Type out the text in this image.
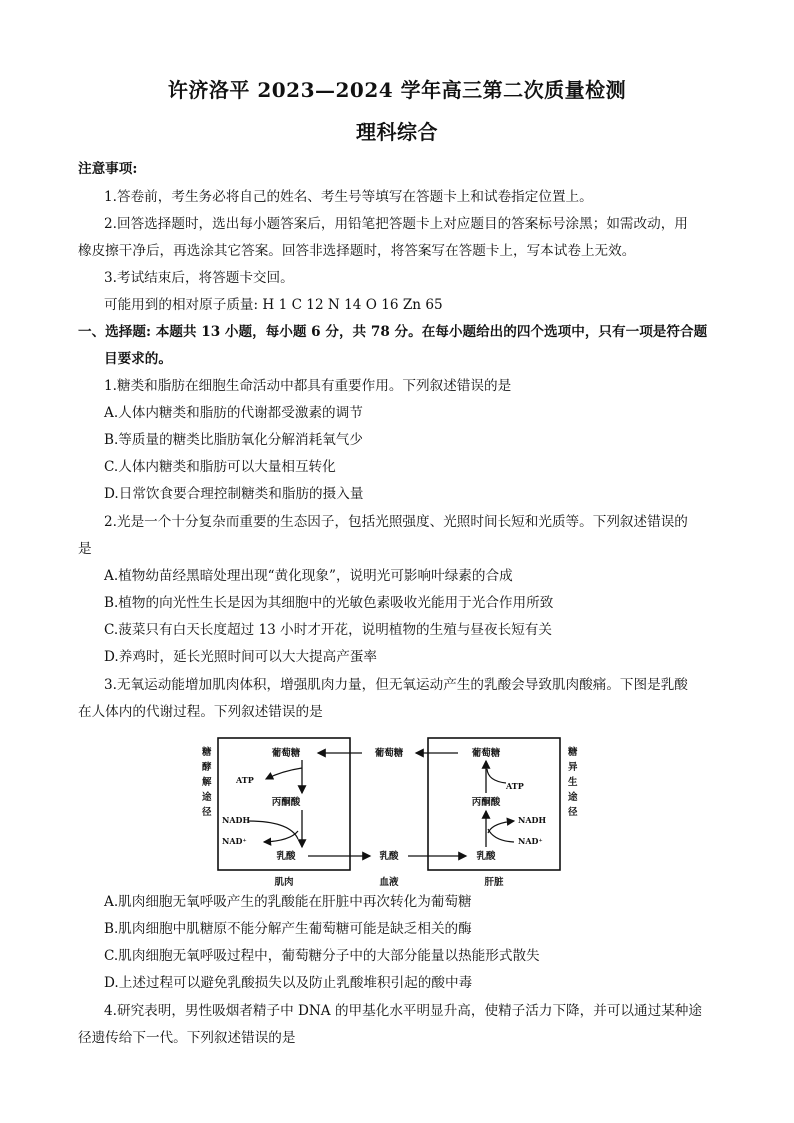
许济洛平 2023—2024 学年高三第二次质量检测
理科综合
注意事项:
1.答卷前，考生务必将自己的姓名、考生号等填写在答题卡上和试卷指定位置上。
2.回答选择题时，选出每小题答案后，用铅笔把答题卡上对应题目的答案标号涂黑；如需改动，用
橡皮擦干净后，再选涂其它答案。回答非选择题时，将答案写在答题卡上，写本试卷上无效。
3.考试结束后，将答题卡交回。
可能用到的相对原子质量: H 1 C 12 N 14 O 16 Zn 65
一、选择题: 本题共 13 小题，每小题 6 分，共 78 分。在每小题给出的四个选项中，只有一项是符合题
目要求的。
1.糖类和脂肪在细胞生命活动中都具有重要作用。下列叙述错误的是
A.人体内糖类和脂肪的代谢都受激素的调节
B.等质量的糖类比脂肪氧化分解消耗氧气少
C.人体内糖类和脂肪可以大量相互转化
D.日常饮食要合理控制糖类和脂肪的摄入量
2.光是一个十分复杂而重要的生态因子，包括光照强度、光照时间长短和光质等。下列叙述错误的
是
A.植物幼苗经黑暗处理出现“黄化现象”，说明光可影响叶绿素的合成
B.植物的向光性生长是因为其细胞中的光敏色素吸收光能用于光合作用所致
C.菠菜只有白天长度超过 13 小时才开花，说明植物的生殖与昼夜长短有关
D.养鸡时，延长光照时间可以大大提高产蛋率
3.无氧运动能增加肌肉体积，增强肌肉力量，但无氧运动产生的乳酸会导致肌肉酸痛。下图是乳酸
在人体内的代谢过程。下列叙述错误的是
糖
酵
解
途
径
糖
异
生
途
径
葡萄糖
丙酮酸
乳酸
ATP
NADH
NAD⁺
葡萄糖
丙酮酸
乳酸
ATP
NADH
NAD⁺
葡萄糖
乳酸
肌肉	血液	肝脏
A.肌肉细胞无氧呼吸产生的乳酸能在肝脏中再次转化为葡萄糖
B.肌肉细胞中肌糖原不能分解产生葡萄糖可能是缺乏相关的酶
C.肌肉细胞无氧呼吸过程中，葡萄糖分子中的大部分能量以热能形式散失
D.上述过程可以避免乳酸损失以及防止乳酸堆积引起的酸中毒
4.研究表明，男性吸烟者精子中 DNA 的甲基化水平明显升高，使精子活力下降，并可以通过某种途
径遗传给下一代。下列叙述错误的是
